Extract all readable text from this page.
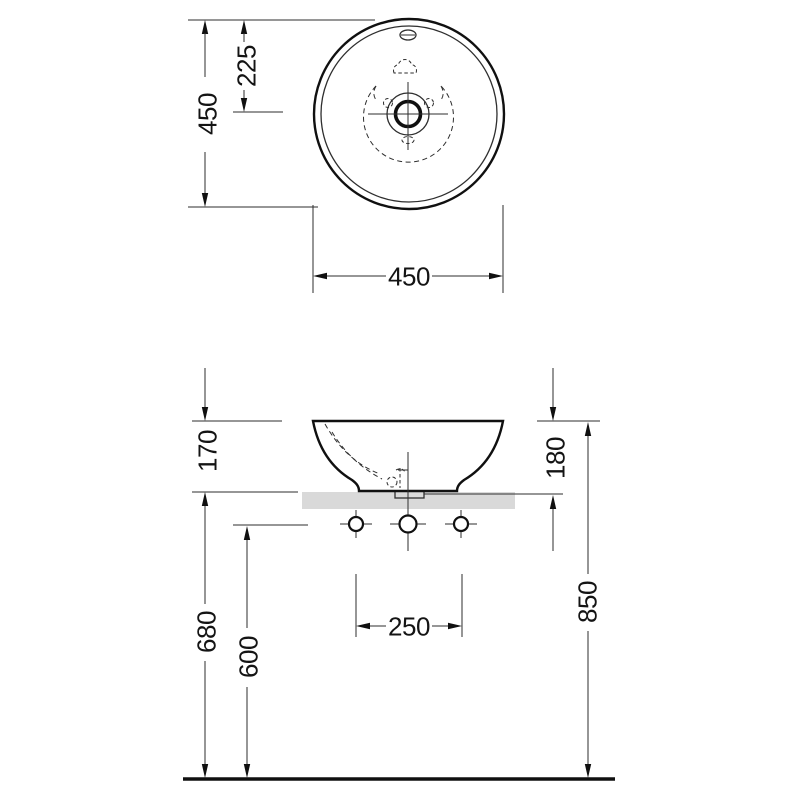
450
225
450
170
680
600
180
850
250
